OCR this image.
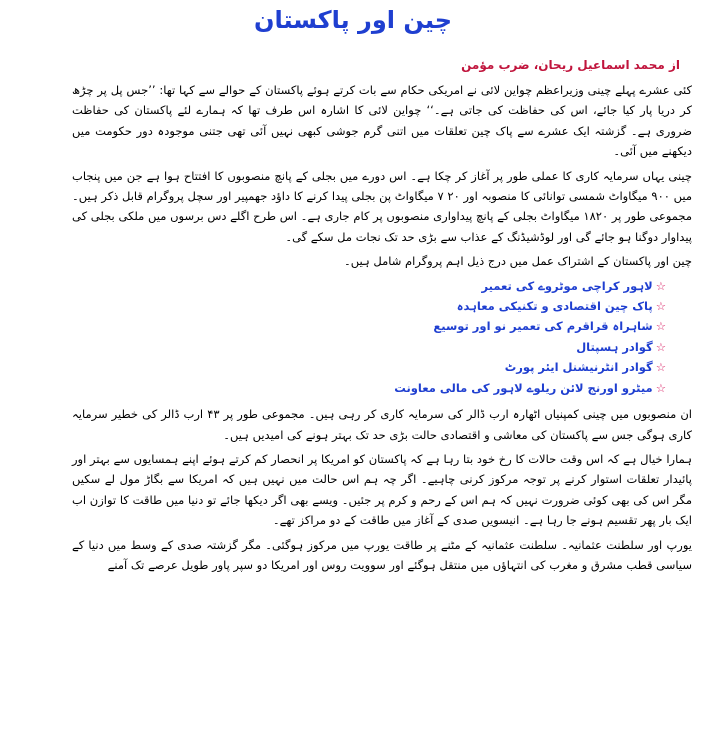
چین اور پاکستان
از محمد اسماعیل ریحان، ضرب مؤمن

کئی عشرے پہلے چینی وزیراعظم چواین لائی نے امریکی حکام سے بات کرتے ہوئے پاکستان کے حوالے سے کہا تھا: ’’جس پل پر چڑھ کر دریا پار کیا جائے، اس کی حفاظت کی جاتی ہے۔‘‘ چواین لائی کا اشارہ اس طرف تھا کہ ہمارے لئے پاکستان کی حفاظت ضروری ہے۔ گزشتہ ایک عشرے سے پاک چین تعلقات میں اتنی گرم جوشی کبھی نہیں آئی تھی جتنی موجودہ دور حکومت میں دیکھنے میں آئی۔

چینی یہاں سرمایہ کاری کا عملی طور پر آغاز کر چکا ہے۔ اس دورے میں بجلی کے پانچ منصوبوں کا افتتاح ہوا ہے جن میں پنجاب میں ۹۰۰ میگاواٹ شمسی توانائی کا منصوبہ اور ۲۰ ۷ میگاواٹ پن بجلی پیدا کرنے کا داؤد جھمپیر اور سچل پروگرام قابل ذکر ہیں۔ مجموعی طور پر ۱۸۲۰ میگاواٹ بجلی کے پانچ پیداواری منصوبوں پر کام جاری ہے۔ اس طرح اگلے دس برسوں میں ملکی بجلی کی پیداوار دوگنا ہو جائے گی اور لوڈشیڈنگ کے عذاب سے بڑی حد تک نجات مل سکے گی۔

چین اور پاکستان کے اشتراک عمل میں درج ذیل اہم پروگرام شامل ہیں۔

☆لاہور کراچی موٹروے کی تعمیر
☆پاک چین اقتصادی و تکنیکی معاہدہ
☆شاہراہ قراقرم کی تعمیر نو اور توسیع
☆گوادر ہسپتال
☆گوادر انٹرنیشنل ایئر پورٹ
☆میٹرو اورنج لائن ریلوے لاہور کی مالی معاونت

ان منصوبوں میں چینی کمپنیاں اٹھارہ ارب ڈالر کی سرمایہ کاری کر رہی ہیں۔ مجموعی طور پر ۴۳ ارب ڈالر کی خطیر سرمایہ کاری ہوگی جس سے پاکستان کی معاشی و اقتصادی حالت بڑی حد تک بہتر ہونے کی امیدیں ہیں۔

ہمارا خیال ہے کہ اس وقت حالات کا رخ خود بتا رہا ہے کہ پاکستان کو امریکا پر انحصار کم کرتے ہوئے اپنے ہمسایوں سے بہتر اور پائیدار تعلقات استوار کرنے پر توجہ مرکوز کرنی چاہیے۔ اگر چہ ہم اس حالت میں نہیں ہیں کہ امریکا سے بگاڑ مول لے سکیں مگر اس کی بھی کوئی ضرورت نہیں کہ ہم اس کے رحم و کرم پر جئیں۔ ویسے بھی اگر دیکھا جائے تو دنیا میں طاقت کا توازن اب ایک بار پھر تقسیم ہونے جا رہا ہے۔ انیسویں صدی کے آغاز میں طاقت کے دو مراکز تھے۔

یورپ اور سلطنت عثمانیہ۔ سلطنت عثمانیہ کے مٹنے پر طاقت یورپ میں مرکوز ہوگئی۔ مگر گزشتہ صدی کے وسط میں دنیا کے سیاسی قطب مشرق و مغرب کی انتہاؤں میں منتقل ہوگئے اور سوویت روس اور امریکا دو سپر پاور طویل عرصے تک آمنے
